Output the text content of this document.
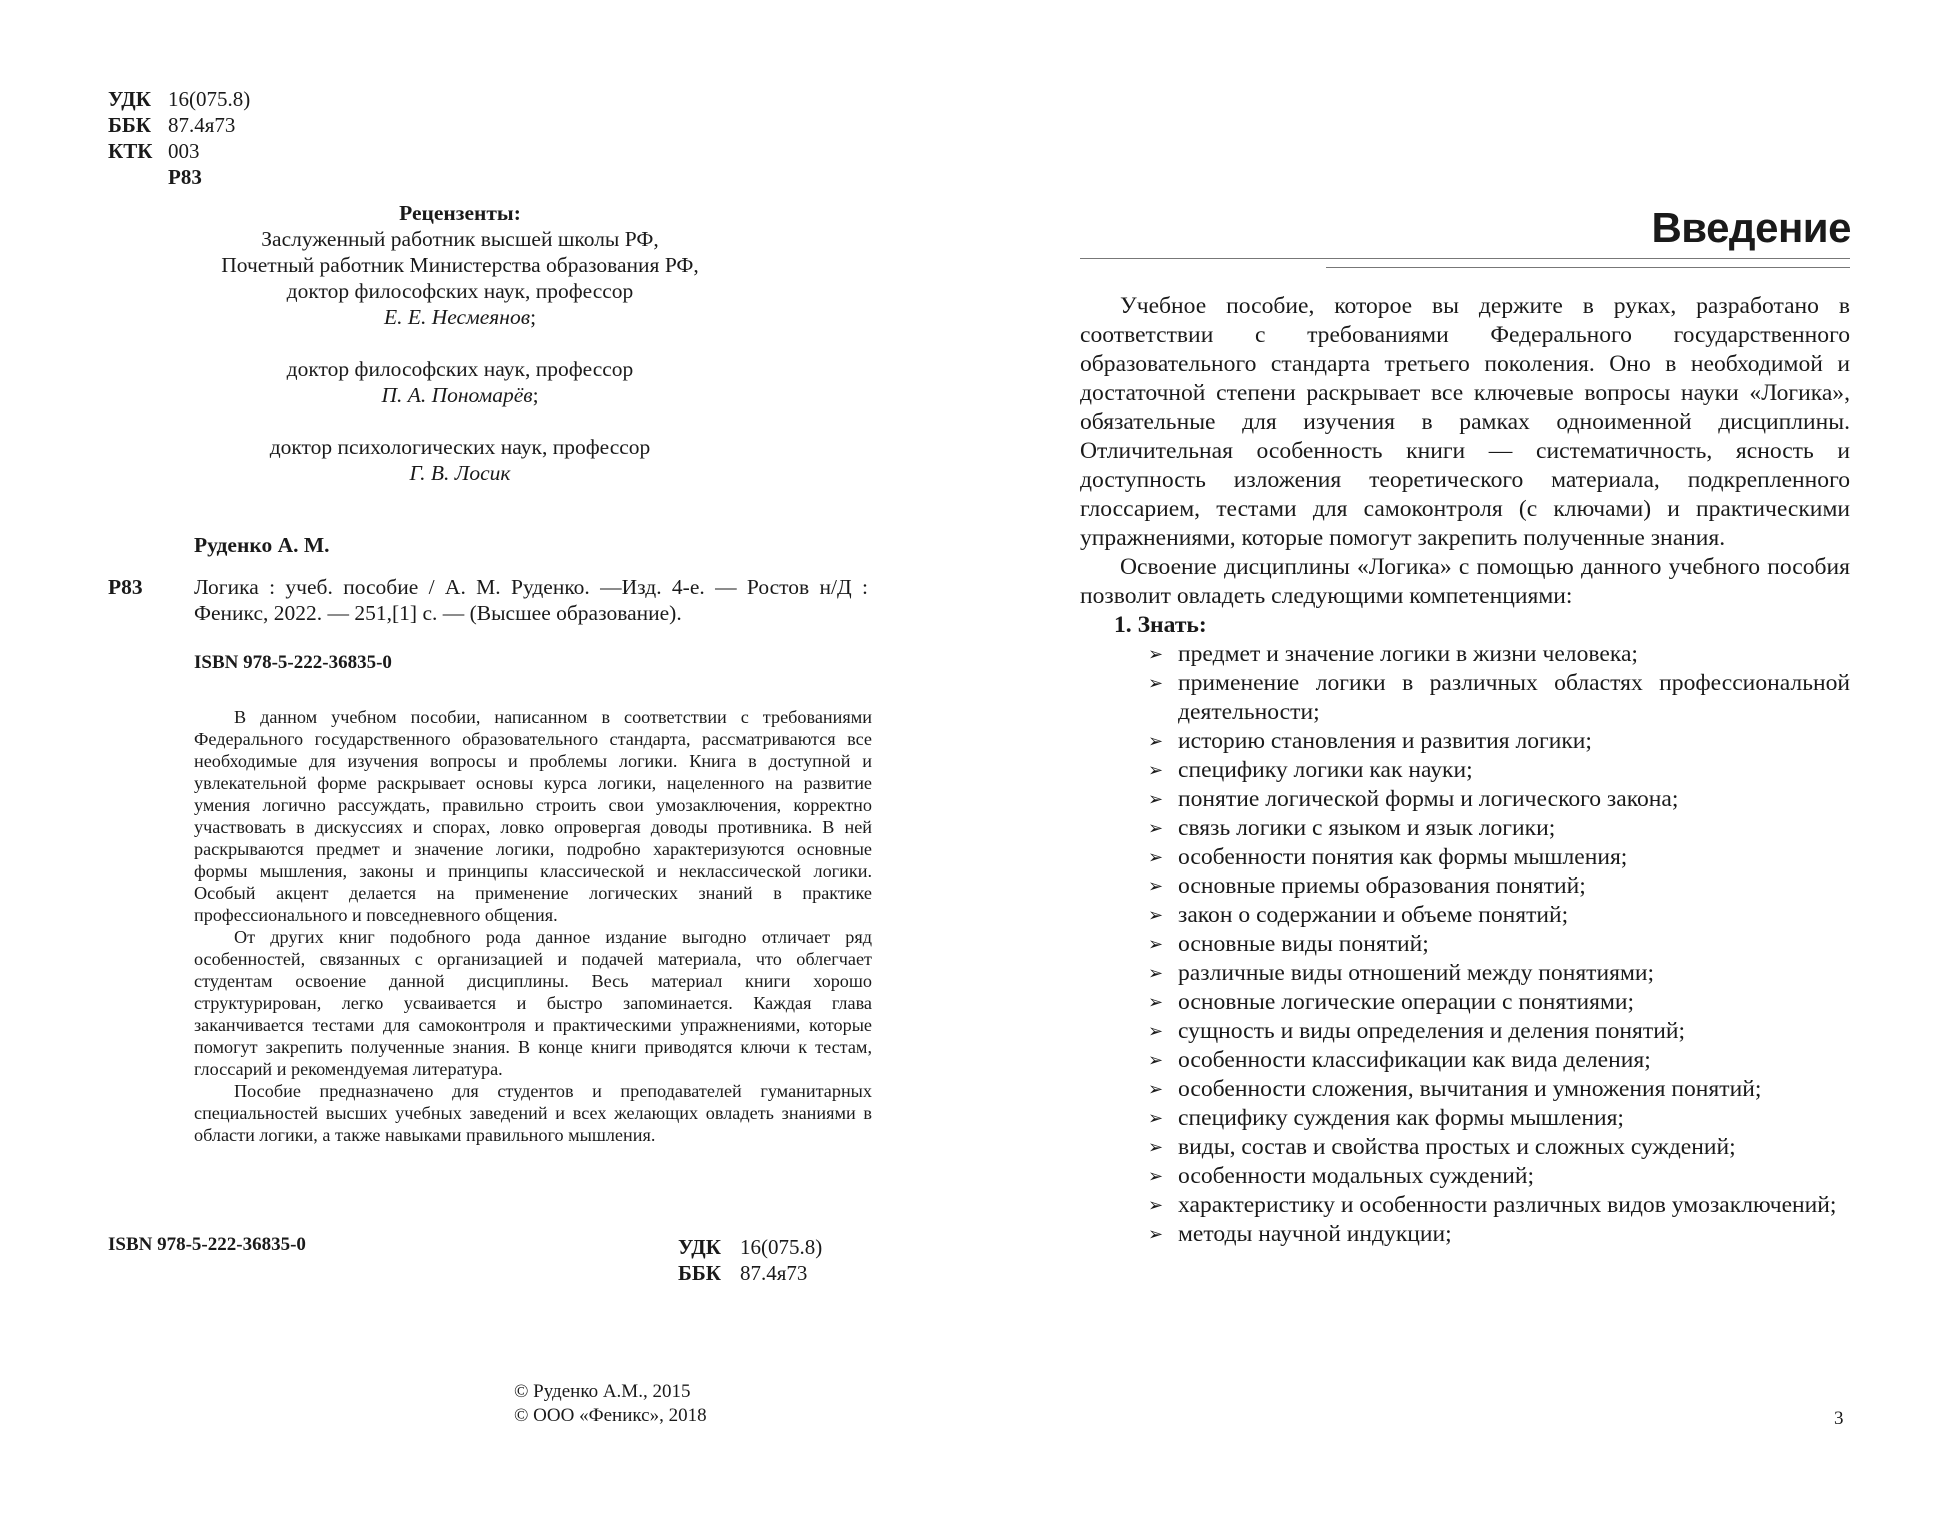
УДК 16(075.8)
ББК 87.4я73
КТК 003
Р83
Рецензенты:
Заслуженный работник высшей школы РФ,
Почетный работник Министерства образования РФ,
доктор философских наук, профессор
Е. Е. Несмеянов;
доктор философских наук, профессор
П. А. Пономарёв;
доктор психологических наук, профессор
Г. В. Лосик
Руденко А. М.
Р83	Логика : учеб. пособие / А. М. Руденко. —Изд. 4-е. — Ростов н/Д : Феникс, 2022. — 251,[1] с. — (Высшее образование).
ISBN 978-5-222-36835-0

В данном учебном пособии, написанном в соответствии с требованиями Федерального государственного образовательного стандарта, рассматриваются все необходимые для изучения вопросы и проблемы логики. Книга в доступной и увлекательной форме раскрывает основы курса логики, нацеленного на развитие умения логично рассуждать, правильно строить свои умозаключения, корректно участвовать в дискуссиях и спорах, ловко опровергая доводы противника. В ней раскрываются предмет и значение логики, подробно характеризуются основные формы мышления, законы и принципы классической и неклассической логики. Особый акцент делается на применение логических знаний в практике профессионального и повседневного общения.

От других книг подобного рода данное издание выгодно отличает ряд особенностей, связанных с организацией и подачей материала, что облегчает студентам освоение данной дисциплины. Весь материал книги хорошо структурирован, легко усваивается и быстро запоминается. Каждая глава заканчивается тестами для самоконтроля и практическими упражнениями, которые помогут закрепить полученные знания. В конце книги приводятся ключи к тестам, глоссарий и рекомендуемая литература.

Пособие предназначено для студентов и преподавателей гуманитарных специальностей высших учебных заведений и всех желающих овладеть знаниями в области логики, а также навыками правильного мышления.

ISBN 978-5-222-36835-0	УДК 16(075.8)
ББК 87.4я73
© Руденко А.М., 2015
© ООО «Феникс», 2018
Введение

Учебное пособие, которое вы держите в руках, разработано в соответствии с требованиями Федерального государственного образовательного стандарта третьего поколения. Оно в необходимой и достаточной степени раскрывает все ключевые вопросы науки «Логика», обязательные для изучения в рамках одноименной дисциплины. Отличительная особенность книги — систематичность, ясность и доступность изложения теоретического материала, подкрепленного глоссарием, тестами для самоконтроля (с ключами) и практическими упражнениями, которые помогут закрепить полученные знания.

Освоение дисциплины «Логика» с помощью данного учебного пособия позволит овладеть следующими компетенциями:

1. Знать:
➢ предмет и значение логики в жизни человека;
➢ применение логики в различных областях профессиональной деятельности;
➢ историю становления и развития логики;
➢ специфику логики как науки;
➢ понятие логической формы и логического закона;
➢ связь логики с языком и язык логики;
➢ особенности понятия как формы мышления;
➢ основные приемы образования понятий;
➢ закон о содержании и объеме понятий;
➢ основные виды понятий;
➢ различные виды отношений между понятиями;
➢ основные логические операции с понятиями;
➢ сущность и виды определения и деления понятий;
➢ особенности классификации как вида деления;
➢ особенности сложения, вычитания и умножения понятий;
➢ специфику суждения как формы мышления;
➢ виды, состав и свойства простых и сложных суждений;
➢ особенности модальных суждений;
➢ характеристику и особенности различных видов умозаключений;
➢ методы научной индукции;
3
